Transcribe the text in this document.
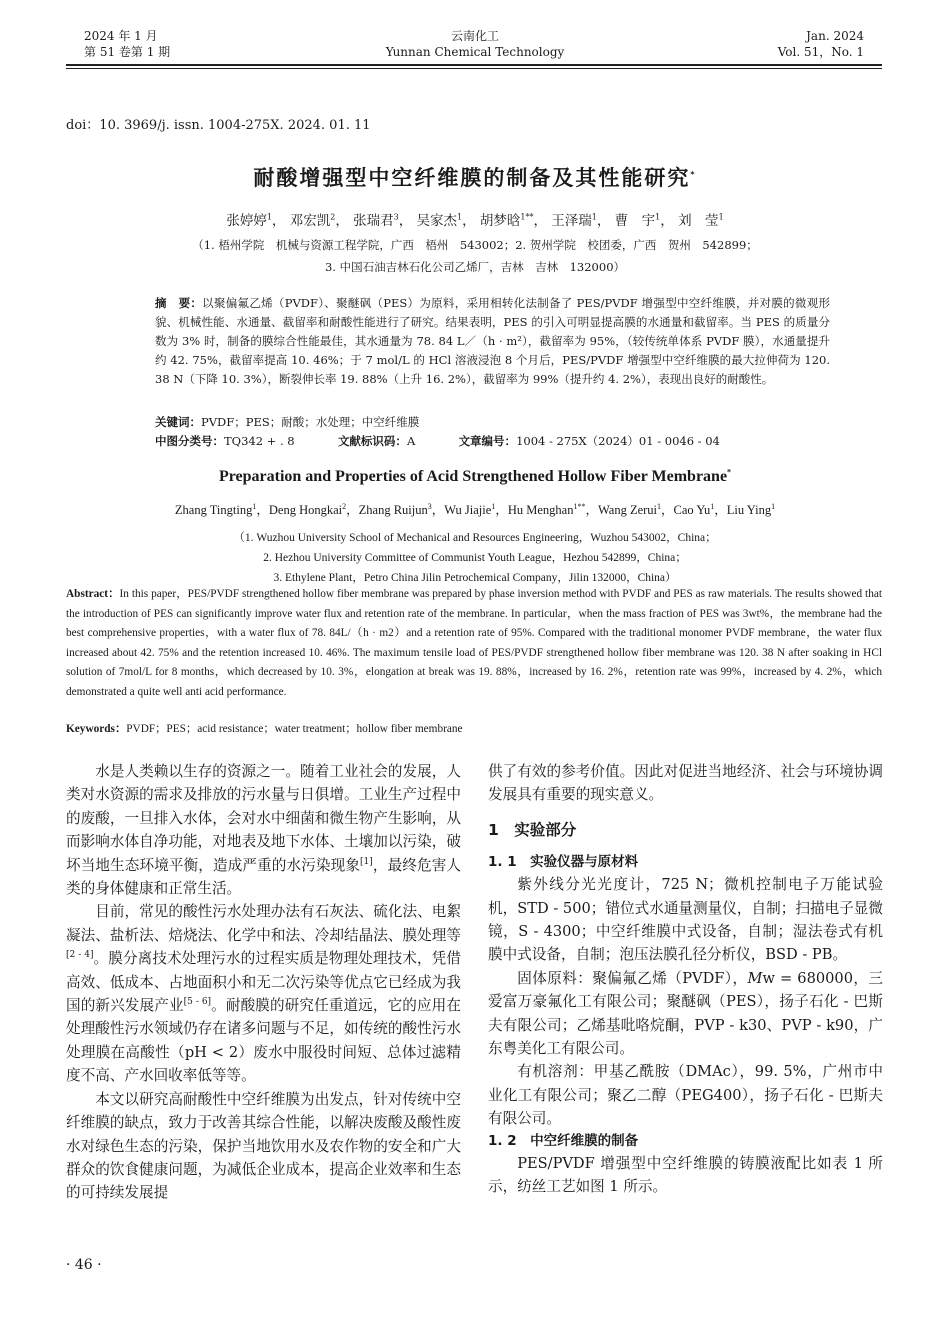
2024 年 1 月
第 51 卷第 1 期
云南化工
Yunnan Chemical Technology
Jan. 2024
Vol. 51，No. 1
doi：10. 3969/j. issn. 1004-275X. 2024. 01. 11
耐酸增强型中空纤维膜的制备及其性能研究*
张婷婷$^1$， 邓宏凯$^2$， 张瑞君$^3$， 吴家杰$^1$， 胡梦晗$^{1**}$， 王泽瑞$^1$， 曹　宇$^1$， 刘　莹$^1$
（1. 梧州学院　机械与资源工程学院，广西　梧州　543002；2. 贺州学院　校团委，广西　贺州　542899；
3. 中国石油吉林石化公司乙烯厂，吉林　吉林　132000）
摘　要：以聚偏氟乙烯（PVDF）、聚醚砜（PES）为原料，采用相转化法制备了 PES/PVDF 增强型中空纤维膜，并对膜的微观形貌、机械性能、水通量、截留率和耐酸性能进行了研究。结果表明，PES 的引入可明显提高膜的水通量和截留率。当 PES 的质量分数为 3% 时，制备的膜综合性能最佳，其水通量为 78. 84 L／（h · m²），截留率为 95%，（较传统单体系 PVDF 膜），水通量提升约 42. 75%，截留率提高 10. 46%；于 7 mol/L 的 HCl 溶液浸泡 8 个月后，PES/PVDF 增强型中空纤维膜的最大拉伸荷为 120. 38 N（下降 10. 3%），断裂伸长率 19. 88%（上升 16. 2%），截留率为 99%（提升约 4. 2%），表现出良好的耐酸性。
关键词：PVDF；PES；耐酸；水处理；中空纤维膜
中图分类号：TQ342 + . 8	文献标识码：A	文章编号：1004 - 275X（2024）01 - 0046 - 04
Preparation and Properties of Acid Strengthened Hollow Fiber Membrane*
Zhang Tingting$^1$，Deng Hongkai$^2$，Zhang Ruijun$^3$，Wu Jiajie$^1$，Hu Menghan$^{1**}$，Wang Zerui$^1$，Cao Yu$^1$，Liu Ying$^1$
（1. Wuzhou University School of Mechanical and Resources Engineering，Wuzhou 543002，China；
2. Hezhou University Committee of Communist Youth League，Hezhou 542899，China；
3. Ethylene Plant，Petro China Jilin Petrochemical Company，Jilin 132000，China）
Abstract：In this paper，PES/PVDF strengthened hollow fiber membrane was prepared by phase inversion method with PVDF and PES as raw materials. The results showed that the introduction of PES can significantly improve water flux and retention rate of the membrane. In particular，when the mass fraction of PES was 3wt%，the membrane had the best comprehensive properties，with a water flux of 78. 84L/（h · m2）and a retention rate of 95%. Compared with the traditional monomer PVDF membrane，the water flux increased about 42. 75% and the retention increased 10. 46%. The maximum tensile load of PES/PVDF strengthened hollow fiber membrane was 120. 38 N after soaking in HCl solution of 7mol/L for 8 months，which decreased by 10. 3%，elongation at break was 19. 88%，increased by 16. 2%，retention rate was 99%，increased by 4. 2%，which demonstrated a quite well anti acid performance.
Keywords：PVDF；PES；acid resistance；water treatment；hollow fiber membrane

水是人类赖以生存的资源之一。随着工业社会的发展，人类对水资源的需求及排放的污水量与日俱增。工业生产过程中的废酸，一旦排入水体，会对水中细菌和微生物产生影响，从而影响水体自净功能，对地表及地下水体、土壤加以污染，破坏当地生态环境平衡，造成严重的水污染现象[1]，最终危害人类的身体健康和正常生活。

目前，常见的酸性污水处理办法有石灰法、硫化法、电絮凝法、盐析法、焙烧法、化学中和法、冷却结晶法、膜处理等[2 - 4]。膜分离技术处理污水的过程实质是物理处理技术，凭借高效、低成本、占地面积小和无二次污染等优点它已经成为我国的新兴发展产业[5 - 6]。耐酸膜的研究任重道远，它的应用在处理酸性污水领域仍存在诸多问题与不足，如传统的酸性污水处理膜在高酸性（pH < 2）废水中服役时间短、总体过滤精度不高、产水回收率低等等。

本文以研究高耐酸性中空纤维膜为出发点，针对传统中空纤维膜的缺点，致力于改善其综合性能，以解决废酸及酸性废水对绿色生态的污染，保护当地饮用水及农作物的安全和广大群众的饮食健康问题，为减低企业成本，提高企业效率和生态的可持续发展提

供了有效的参考价值。因此对促进当地经济、社会与环境协调发展具有重要的现实意义。

1　实验部分
1. 1　实验仪器与原材料

紫外线分光光度计，725 N；微机控制电子万能试验机，STD - 500；错位式水通量测量仪，自制；扫描电子显微镜，S - 4300；中空纤维膜中式设备，自制；湿法卷式有机膜中式设备，自制；泡压法膜孔径分析仪，BSD - PB。

固体原料：聚偏氟乙烯（PVDF），Mw = 680000，三爱富万豪氟化工有限公司；聚醚砜（PES），扬子石化 - 巴斯夫有限公司；乙烯基吡咯烷酮，PVP - k30、PVP - k90，广东粤美化工有限公司。

有机溶剂：甲基乙酰胺（DMAc），99. 5%，广州市中业化工有限公司；聚乙二醇（PEG400），扬子石化 - 巴斯夫有限公司。

1. 2　中空纤维膜的制备

PES/PVDF 增强型中空纤维膜的铸膜液配比如表 1 所示，纺丝工艺如图 1 所示。

· 46 ·
